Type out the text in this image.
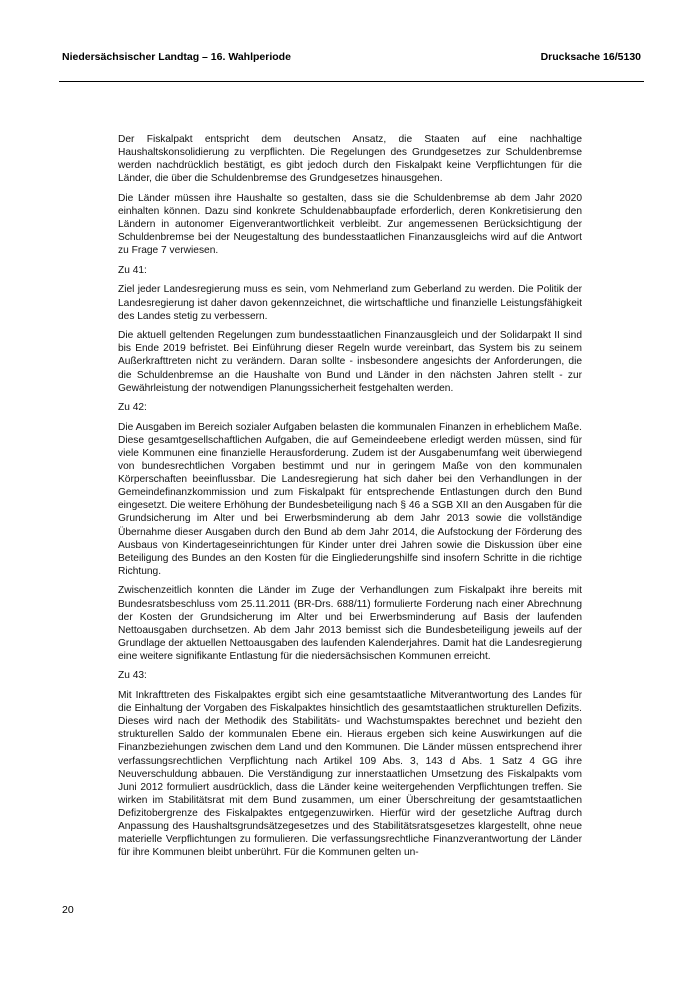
Niedersächsischer Landtag – 16. Wahlperiode	Drucksache 16/5130

Der Fiskalpakt entspricht dem deutschen Ansatz, die Staaten auf eine nachhaltige Haushaltskonsolidierung zu verpflichten. Die Regelungen des Grundgesetzes zur Schuldenbremse werden nachdrücklich bestätigt, es gibt jedoch durch den Fiskalpakt keine Verpflichtungen für die Länder, die über die Schuldenbremse des Grundgesetzes hinausgehen.

Die Länder müssen ihre Haushalte so gestalten, dass sie die Schuldenbremse ab dem Jahr 2020 einhalten können. Dazu sind konkrete Schuldenabbaupfade erforderlich, deren Konkretisierung den Ländern in autonomer Eigenverantwortlichkeit verbleibt. Zur angemessenen Berücksichtigung der Schuldenbremse bei der Neugestaltung des bundesstaatlichen Finanzausgleichs wird auf die Antwort zu Frage 7 verwiesen.

Zu 41:

Ziel jeder Landesregierung muss es sein, vom Nehmerland zum Geberland zu werden. Die Politik der Landesregierung ist daher davon gekennzeichnet, die wirtschaftliche und finanzielle Leistungsfähigkeit des Landes stetig zu verbessern.

Die aktuell geltenden Regelungen zum bundesstaatlichen Finanzausgleich und der Solidarpakt II sind bis Ende 2019 befristet. Bei Einführung dieser Regeln wurde vereinbart, das System bis zu seinem Außerkrafttreten nicht zu verändern. Daran sollte - insbesondere angesichts der Anforderungen, die die Schuldenbremse an die Haushalte von Bund und Länder in den nächsten Jahren stellt - zur Gewährleistung der notwendigen Planungssicherheit festgehalten werden.

Zu 42:

Die Ausgaben im Bereich sozialer Aufgaben belasten die kommunalen Finanzen in erheblichem Maße. Diese gesamtgesellschaftlichen Aufgaben, die auf Gemeindeebene erledigt werden müssen, sind für viele Kommunen eine finanzielle Herausforderung. Zudem ist der Ausgabenumfang weit überwiegend von bundesrechtlichen Vorgaben bestimmt und nur in geringem Maße von den kommunalen Körperschaften beeinflussbar. Die Landesregierung hat sich daher bei den Verhandlungen in der Gemeindefinanzkommission und zum Fiskalpakt für entsprechende Entlastungen durch den Bund eingesetzt. Die weitere Erhöhung der Bundesbeteiligung nach § 46 a SGB XII an den Ausgaben für die Grundsicherung im Alter und bei Erwerbsminderung ab dem Jahr 2013 sowie die vollständige Übernahme dieser Ausgaben durch den Bund ab dem Jahr 2014, die Aufstockung der Förderung des Ausbaus von Kindertageseinrichtungen für Kinder unter drei Jahren sowie die Diskussion über eine Beteiligung des Bundes an den Kosten für die Eingliederungshilfe sind insofern Schritte in die richtige Richtung.

Zwischenzeitlich konnten die Länder im Zuge der Verhandlungen zum Fiskalpakt ihre bereits mit Bundesratsbeschluss vom 25.11.2011 (BR-Drs. 688/11) formulierte Forderung nach einer Abrechnung der Kosten der Grundsicherung im Alter und bei Erwerbsminderung auf Basis der laufenden Nettoausgaben durchsetzen. Ab dem Jahr 2013 bemisst sich die Bundesbeteiligung jeweils auf der Grundlage der aktuellen Nettoausgaben des laufenden Kalenderjahres. Damit hat die Landesregierung eine weitere signifikante Entlastung für die niedersächsischen Kommunen erreicht.

Zu 43:

Mit Inkrafttreten des Fiskalpaktes ergibt sich eine gesamtstaatliche Mitverantwortung des Landes für die Einhaltung der Vorgaben des Fiskalpaktes hinsichtlich des gesamtstaatlichen strukturellen Defizits. Dieses wird nach der Methodik des Stabilitäts- und Wachstumspaktes berechnet und bezieht den strukturellen Saldo der kommunalen Ebene ein. Hieraus ergeben sich keine Auswirkungen auf die Finanzbeziehungen zwischen dem Land und den Kommunen. Die Länder müssen entsprechend ihrer verfassungsrechtlichen Verpflichtung nach Artikel 109 Abs. 3, 143 d Abs. 1 Satz 4 GG ihre Neuverschuldung abbauen. Die Verständigung zur innerstaatlichen Umsetzung des Fiskalpakts vom Juni 2012 formuliert ausdrücklich, dass die Länder keine weitergehenden Verpflichtungen treffen. Sie wirken im Stabilitätsrat mit dem Bund zusammen, um einer Überschreitung der gesamtstaatlichen Defizitobergrenze des Fiskalpaktes entgegenzuwirken. Hierfür wird der gesetzliche Auftrag durch Anpassung des Haushaltsgrundsätzegesetzes und des Stabilitätsratsgesetzes klargestellt, ohne neue materielle Verpflichtungen zu formulieren. Die verfassungsrechtliche Finanzverantwortung der Länder für ihre Kommunen bleibt unberührt. Für die Kommunen gelten un-

20
